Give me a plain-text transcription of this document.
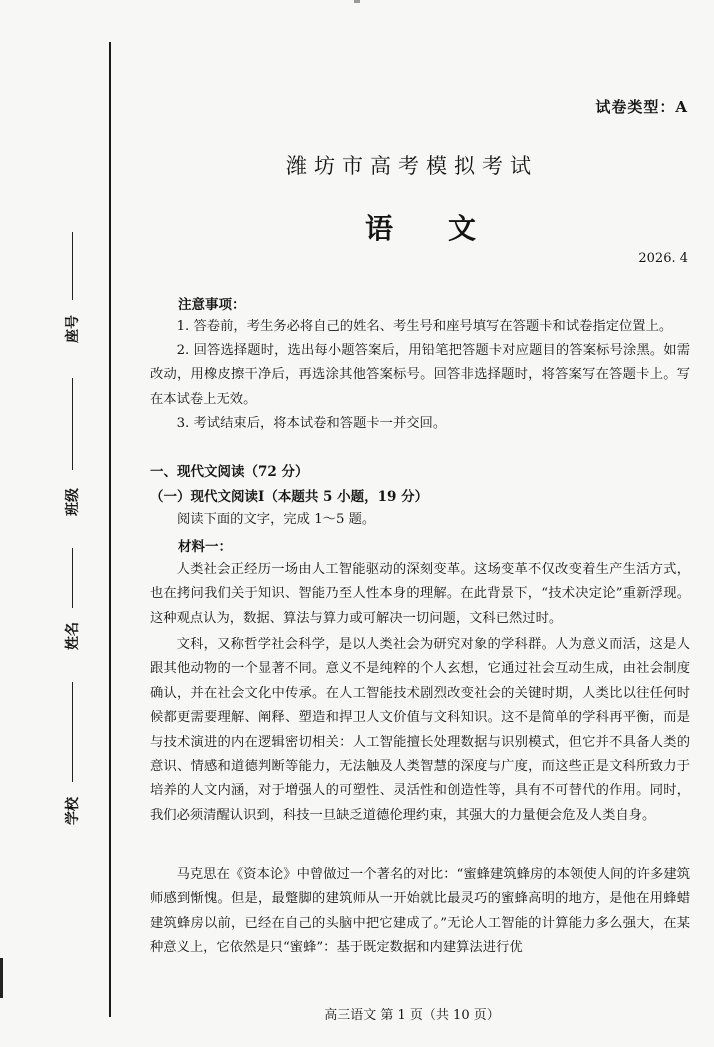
座号
班级
姓名
学校
试卷类型：A
潍坊市高考模拟考试
语 文
2026. 4
注意事项：
1. 答卷前，考生务必将自己的姓名、考生号和座号填写在答题卡和试卷指定位置上。
2. 回答选择题时，选出每小题答案后，用铅笔把答题卡对应题目的答案标号涂黑。如需改动，用橡皮擦干净后，再选涂其他答案标号。回答非选择题时，将答案写在答题卡上。写在本试卷上无效。
3. 考试结束后，将本试卷和答题卡一并交回。
一、现代文阅读（72 分）
（一）现代文阅读Ⅰ（本题共 5 小题，19 分）
阅读下面的文字，完成 1～5 题。
材料一：
人类社会正经历一场由人工智能驱动的深刻变革。这场变革不仅改变着生产生活方式，也在拷问我们关于知识、智能乃至人性本身的理解。在此背景下，“技术决定论”重新浮现。这种观点认为，数据、算法与算力或可解决一切问题，文科已然过时。
文科，又称哲学社会科学，是以人类社会为研究对象的学科群。人为意义而活，这是人跟其他动物的一个显著不同。意义不是纯粹的个人玄想，它通过社会互动生成，由社会制度确认，并在社会文化中传承。在人工智能技术剧烈改变社会的关键时期，人类比以往任何时候都更需要理解、阐释、塑造和捍卫人文价值与文科知识。这不是简单的学科再平衡，而是与技术演进的内在逻辑密切相关：人工智能擅长处理数据与识别模式，但它并不具备人类的意识、情感和道德判断等能力，无法触及人类智慧的深度与广度，而这些正是文科所致力于培养的人文内涵，对于增强人的可塑性、灵活性和创造性等，具有不可替代的作用。同时，我们必须清醒认识到，科技一旦缺乏道德伦理约束，其强大的力量便会危及人类自身。
马克思在《资本论》中曾做过一个著名的对比：“蜜蜂建筑蜂房的本领使人间的许多建筑师感到惭愧。但是，最蹩脚的建筑师从一开始就比最灵巧的蜜蜂高明的地方，是他在用蜂蜡建筑蜂房以前，已经在自己的头脑中把它建成了。”无论人工智能的计算能力多么强大，在某种意义上，它依然是只“蜜蜂”：基于既定数据和内建算法进行优
高三语文 第 1 页（共 10 页）
